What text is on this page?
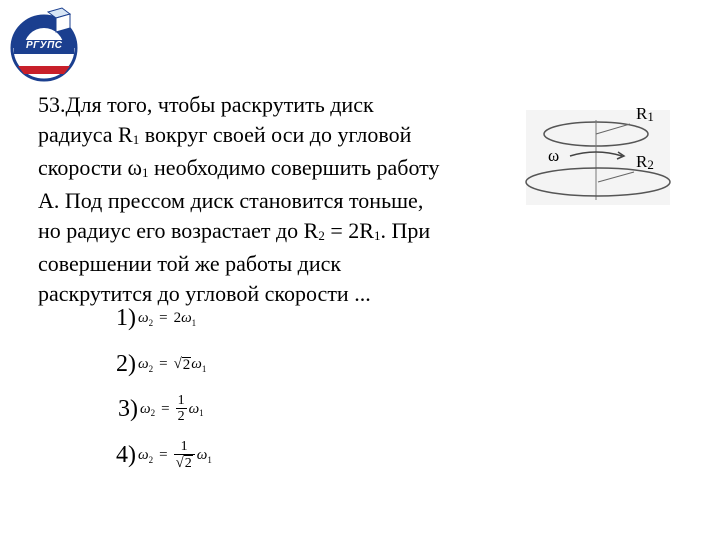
РГУПС
53.Для того, чтобы раскрутить диск
радиуса R1 вокруг своей оси до угловой
скорости ω1 необходимо совершить работу
А. Под прессом диск становится тоньше,
но радиус его возрастает до R2 = 2R1. При
совершении той же работы диск
раскрутится до угловой скорости ...
R1
R2
ω
1) ω 2 = 2 ω 1
2) ω 2 = √ 2 ω 1
3) ω $2 = \frac{1}{2}$ ω 1
4) ω $2 = \frac{1}{√ 2}$ ω 1
